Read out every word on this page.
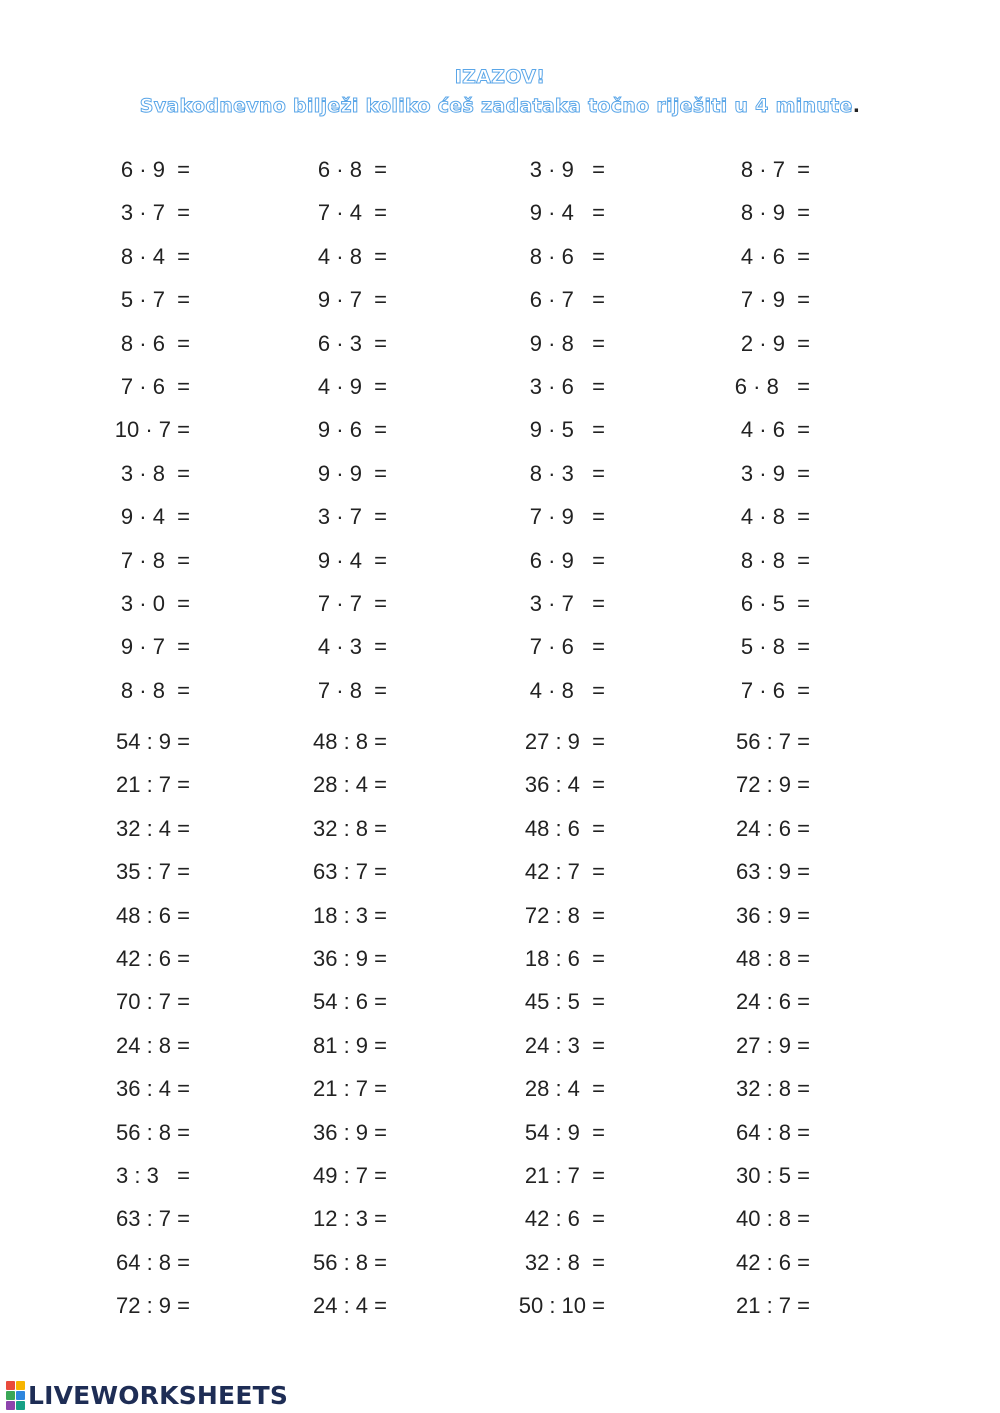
IZAZOV!
Svakodnevno bilježi koliko ćeš zadataka točno riješiti u 4 minute.
6 · 9  =	6 · 8  =	3 · 9   =	8 · 7  =
3 · 7  =	7 · 4  =	9 · 4   =	8 · 9  =
8 · 4  =	4 · 8  =	8 · 6   =	4 · 6  =
5 · 7  =	9 · 7  =	6 · 7   =	7 · 9  =
8 · 6  =	6 · 3  =	9 · 8   =	2 · 9  =
7 · 6  =	4 · 9  =	3 · 6   =	6 · 8   =
10 · 7 =	9 · 6  =	9 · 5   =	4 · 6  =
3 · 8  =	9 · 9  =	8 · 3   =	3 · 9  =
9 · 4  =	3 · 7  =	7 · 9   =	4 · 8  =
7 · 8  =	9 · 4  =	6 · 9   =	8 · 8  =
3 · 0  =	7 · 7  =	3 · 7   =	6 · 5  =
9 · 7  =	4 · 3  =	7 · 6   =	5 · 8  =
8 · 8  =	7 · 8  =	4 · 8   =	7 · 6  =
54 : 9 =	48 : 8 =	27 : 9  =	56 : 7 =
21 : 7 =	28 : 4 =	36 : 4  =	72 : 9 =
32 : 4 =	32 : 8 =	48 : 6  =	24 : 6 =
35 : 7 =	63 : 7 =	42 : 7  =	63 : 9 =
48 : 6 =	18 : 3 =	72 : 8  =	36 : 9 =
42 : 6 =	36 : 9 =	18 : 6  =	48 : 8 =
70 : 7 =	54 : 6 =	45 : 5  =	24 : 6 =
24 : 8 =	81 : 9 =	24 : 3  =	27 : 9 =
36 : 4 =	21 : 7 =	28 : 4  =	32 : 8 =
56 : 8 =	36 : 9 =	54 : 9  =	64 : 8 =
3 : 3   =	49 : 7 =	21 : 7  =	30 : 5 =
63 : 7 =	12 : 3 =	42 : 6  =	40 : 8 =
64 : 8 =	56 : 8 =	32 : 8  =	42 : 6 =
72 : 9 =	24 : 4 =	50 : 10 =	21 : 7 =
LIVEWORKSHEETS
